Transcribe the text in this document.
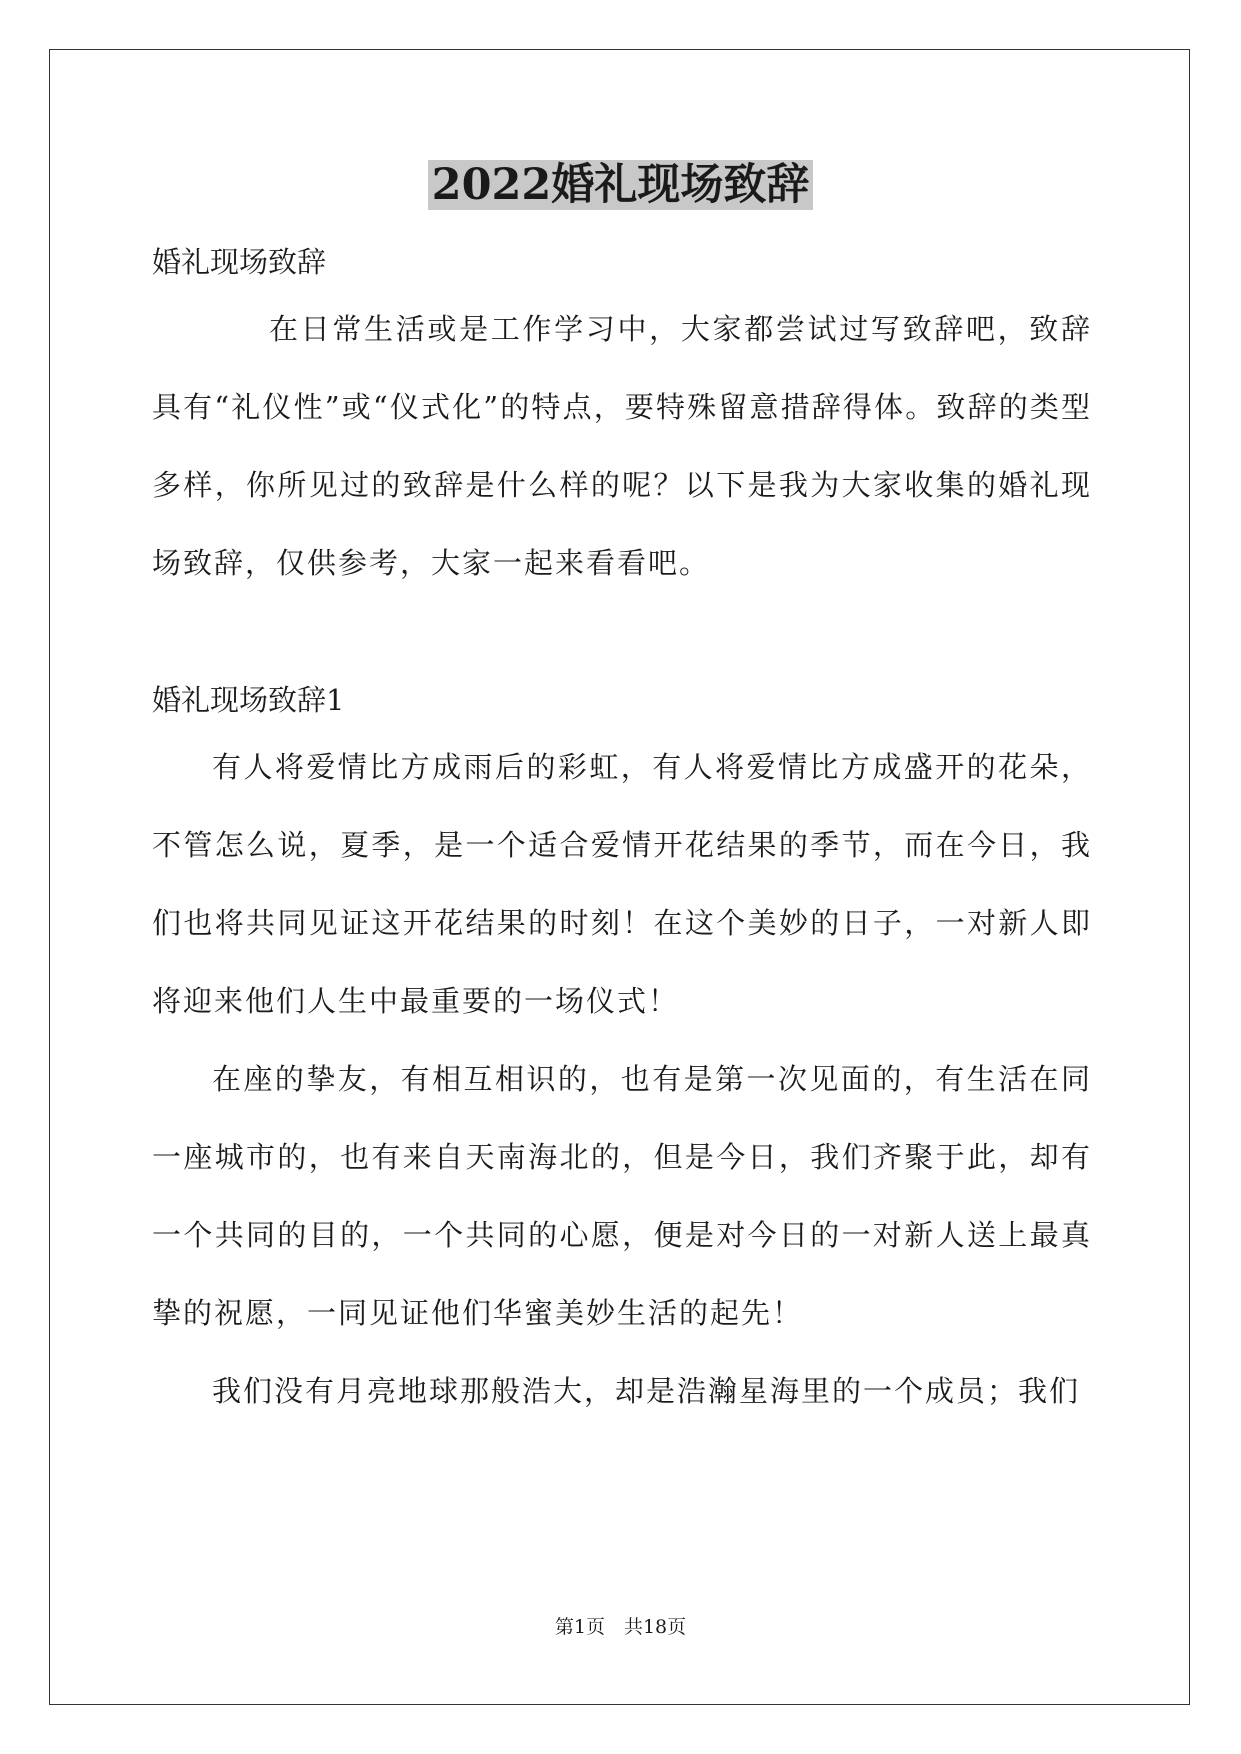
2022婚礼现场致辞
婚礼现场致辞

在日常生活或是工作学习中，大家都尝试过写致辞吧，致辞具有“礼仪性”或“仪式化”的特点，要特殊留意措辞得体。致辞的类型多样，你所见过的致辞是什么样的呢？以下是我为大家收集的婚礼现场致辞，仅供参考，大家一起来看看吧。

婚礼现场致辞1

有人将爱情比方成雨后的彩虹，有人将爱情比方成盛开的花朵，不管怎么说，夏季，是一个适合爱情开花结果的季节，而在今日，我们也将共同见证这开花结果的时刻！在这个美妙的日子，一对新人即将迎来他们人生中最重要的一场仪式！

在座的挚友，有相互相识的，也有是第一次见面的，有生活在同一座城市的，也有来自天南海北的，但是今日，我们齐聚于此，却有一个共同的目的，一个共同的心愿，便是对今日的一对新人送上最真挚的祝愿，一同见证他们华蜜美妙生活的起先！

我们没有月亮地球那般浩大，却是浩瀚星海里的一个成员；我们

第1页　共18页
